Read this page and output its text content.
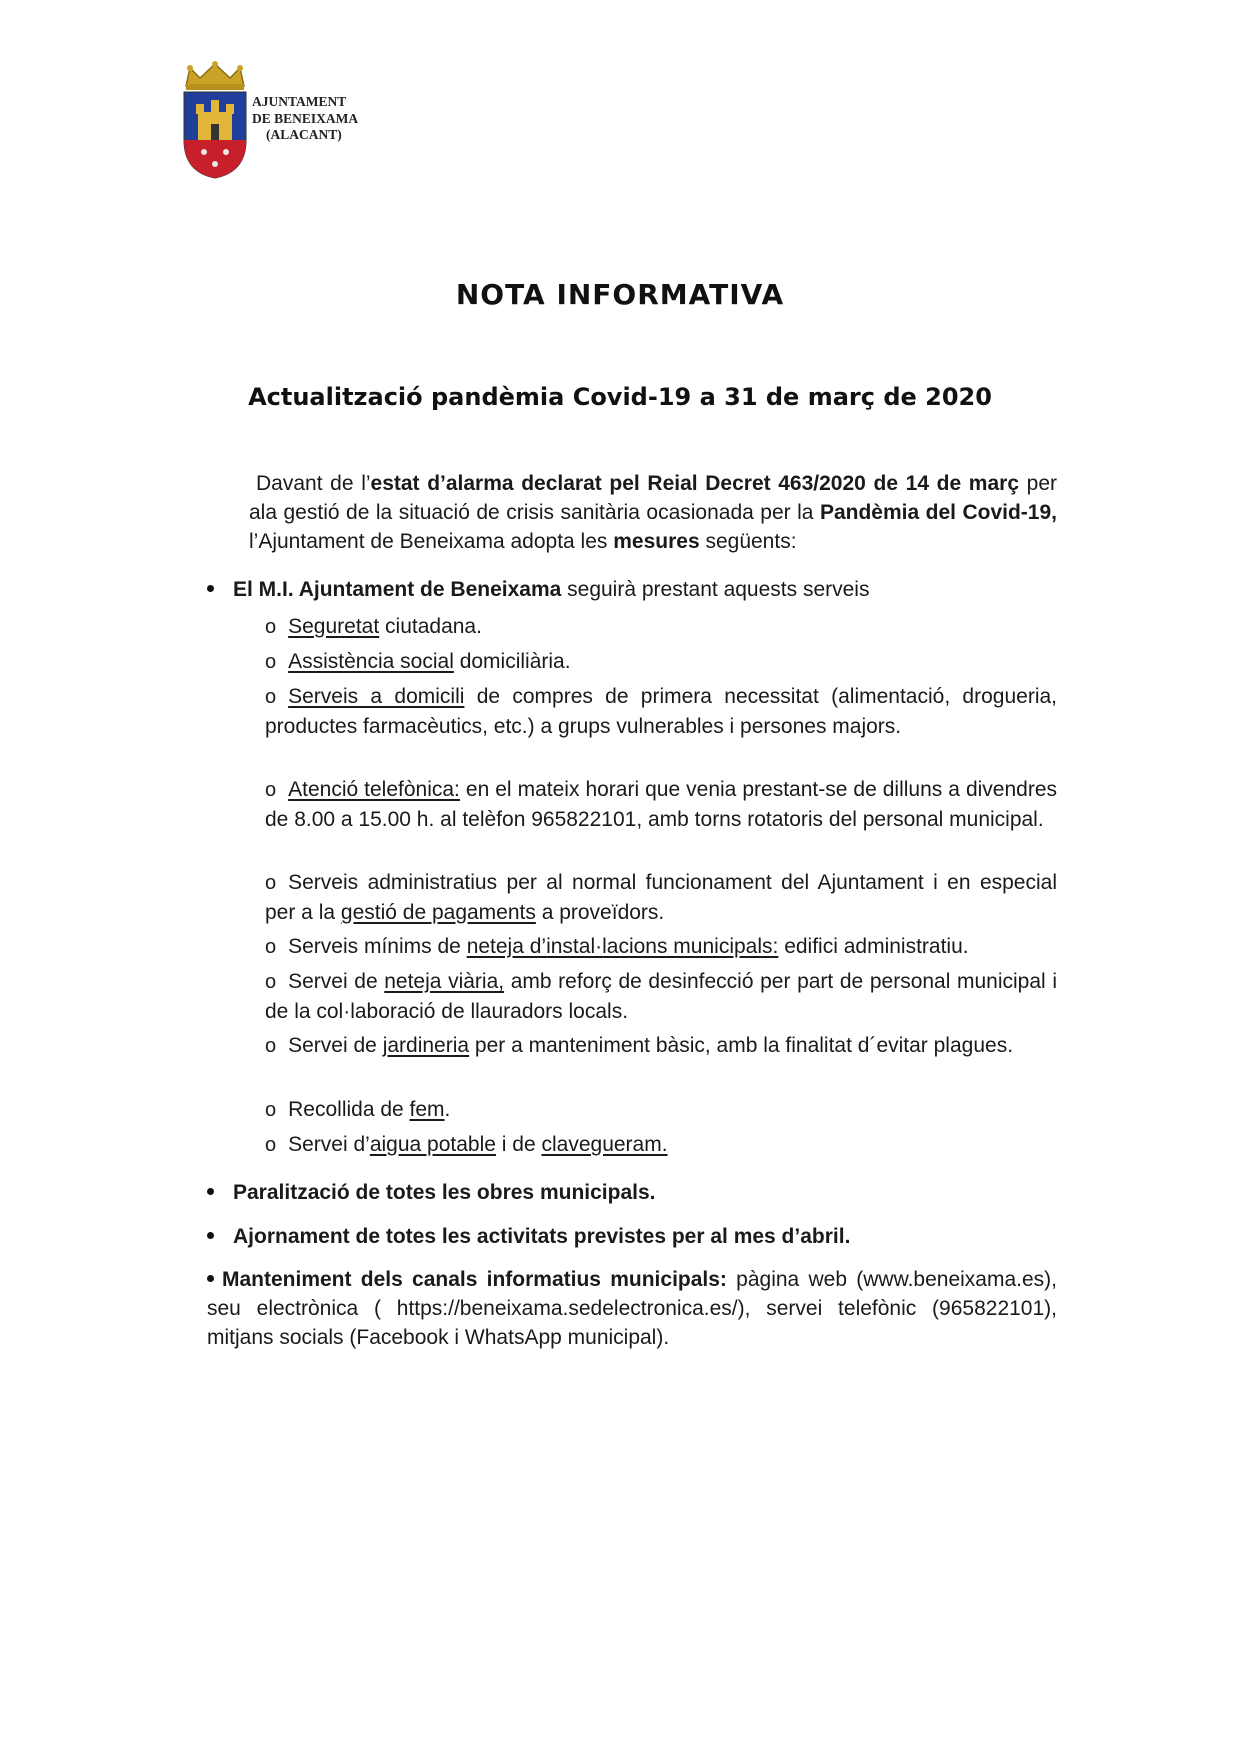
AJUNTAMENT
DE BENEIXAMA
(ALACANT)
NOTA INFORMATIVA
Actualització pandèmia Covid-19 a 31 de març de 2020
Davant de l’estat d’alarma declarat pel Reial Decret 463/2020 de 14 de març per ala gestió de la situació de crisis sanitària ocasionada per la Pandèmia del Covid-19, l’Ajuntament de Beneixama adopta les mesures següents:
El M.I. Ajuntament de Beneixama seguirà prestant aquests serveis
o Seguretat ciutadana.
o Assistència social domiciliària.
o Serveis a domicili de compres de primera necessitat (alimentació, drogueria, productes farmacèutics, etc.) a grups vulnerables i persones majors.
o Atenció telefònica: en el mateix horari que venia prestant-se de dilluns a divendres de 8.00 a 15.00 h. al telèfon 965822101, amb torns rotatoris del personal municipal.
o Serveis administratius per al normal funcionament del Ajuntament i en especial per a la gestió de pagaments a proveïdors.
o Serveis mínims de neteja d’instal·lacions municipals: edifici administratiu.
o Servei de neteja viària, amb reforç de desinfecció per part de personal municipal i de la col·laboració de llauradors locals.
o Servei de jardineria per a manteniment bàsic, amb la finalitat d´evitar plagues.
o Recollida de fem.
o Servei d’aigua potable i de clavegueram.
Paralització de totes les obres municipals.
Ajornament de totes les activitats previstes per al mes d’abril.
Manteniment dels canals informatius municipals: pàgina web (www.beneixama.es), seu electrònica ( https://beneixama.sedelectronica.es/), servei telefònic (965822101), mitjans socials (Facebook i WhatsApp municipal).
